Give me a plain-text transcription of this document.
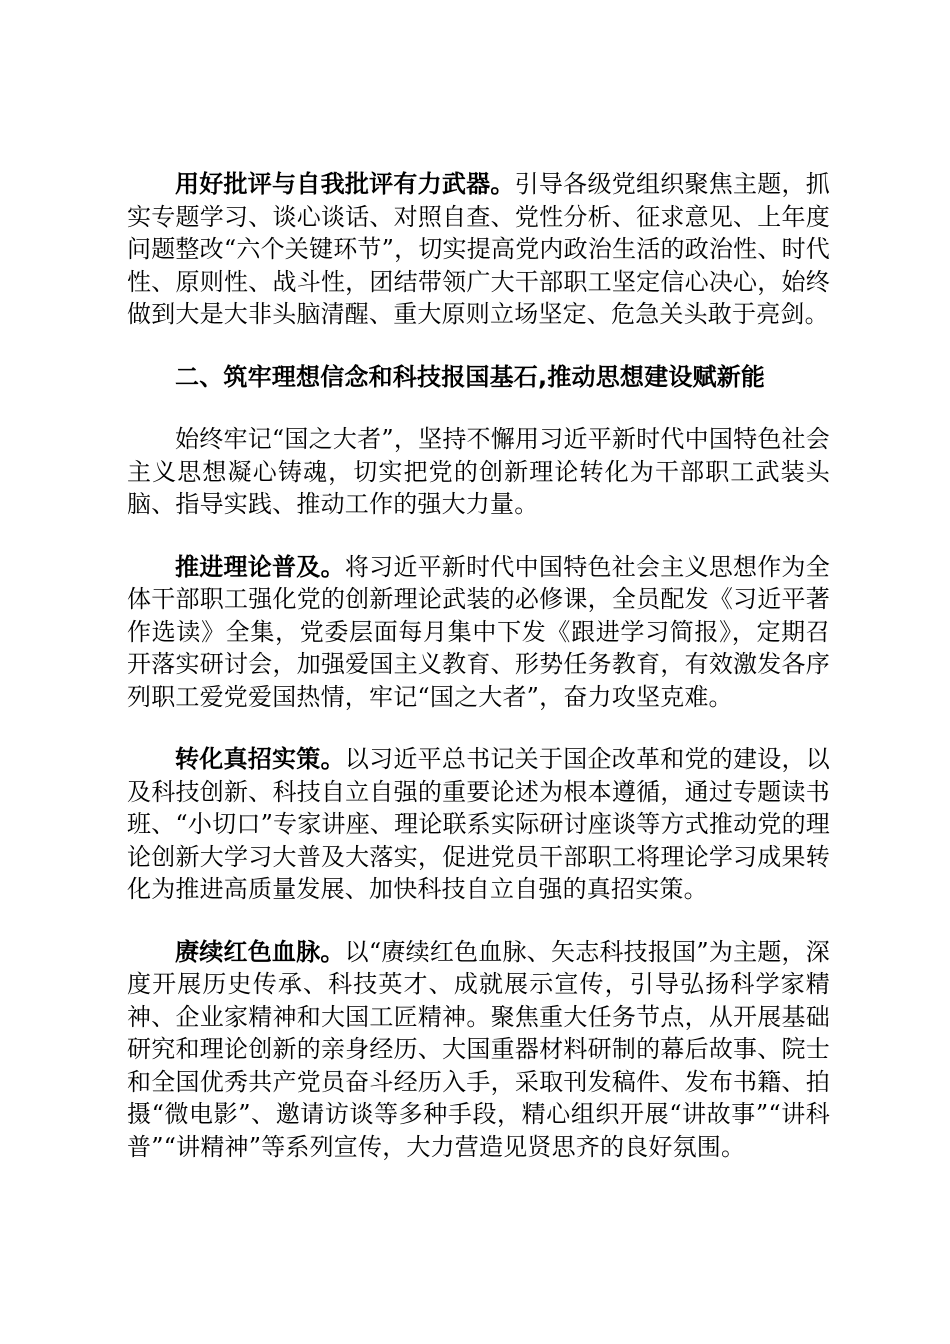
用好批评与自我批评有力武器。引导各级党组织聚焦主题，抓实专题学习、谈心谈话、对照自查、党性分析、征求意见、上年度问题整改“六个关键环节”，切实提高党内政治生活的政治性、时代性、原则性、战斗性，团结带领广大干部职工坚定信心决心，始终做到大是大非头脑清醒、重大原则立场坚定、危急关头敢于亮剑。

二、筑牢理想信念和科技报国基石,推动思想建设赋新能

始终牢记“国之大者”，坚持不懈用习近平新时代中国特色社会主义思想凝心铸魂，切实把党的创新理论转化为干部职工武装头脑、指导实践、推动工作的强大力量。

推进理论普及。将习近平新时代中国特色社会主义思想作为全体干部职工强化党的创新理论武装的必修课，全员配发《习近平著作选读》全集，党委层面每月集中下发《跟进学习简报》，定期召开落实研讨会，加强爱国主义教育、形势任务教育，有效激发各序列职工爱党爱国热情，牢记“国之大者”，奋力攻坚克难。

转化真招实策。以习近平总书记关于国企改革和党的建设，以及科技创新、科技自立自强的重要论述为根本遵循，通过专题读书班、“小切口”专家讲座、理论联系实际研讨座谈等方式推动党的理论创新大学习大普及大落实，促进党员干部职工将理论学习成果转化为推进高质量发展、加快科技自立自强的真招实策。

赓续红色血脉。以“赓续红色血脉、矢志科技报国”为主题，深度开展历史传承、科技英才、成就展示宣传，引导弘扬科学家精神、企业家精神和大国工匠精神。聚焦重大任务节点，从开展基础研究和理论创新的亲身经历、大国重器材料研制的幕后故事、院士和全国优秀共产党员奋斗经历入手，采取刊发稿件、发布书籍、拍摄“微电影”、邀请访谈等多种手段，精心组织开展“讲故事”“讲科普”“讲精神”等系列宣传，大力营造见贤思齐的良好氛围。
